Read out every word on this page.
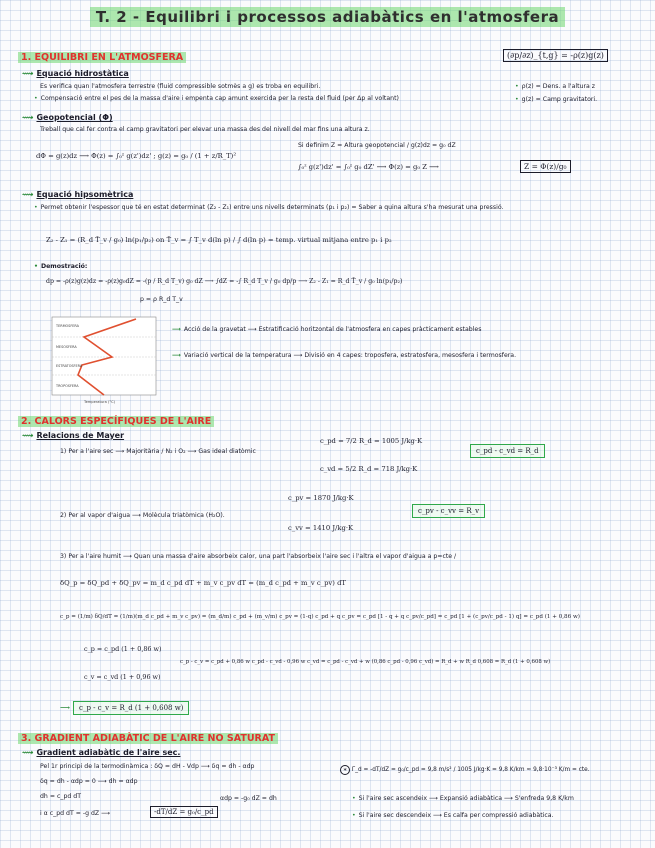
T. 2 - Equilibri i processos adiabàtics en l'atmosfera
1. EQUILIBRI EN L'ATMOSFERA	(∂p/∂z)_{t,g} = -ρ(z)g(z)
⟿ Equació hidrostàtica
Es verifica quan l'atmosfera terrestre (fluid compressible sotmès a g) es troba en equilibri.
• Compensació entre el pes de la massa d'aire i empenta cap amunt exercida per la resta del fluid (per Δp al voltant)
• ρ(z) = Dens. a l'altura z
• g(z) = Camp gravitatori.
⟿ Geopotencial (Φ)
Treball que cal fer contra el camp gravitatori per elevar una massa des del nivell del mar fins una altura z.
dΦ = g(z)dz ⟶ Φ(z) = ∫₀ᶻ g(z')dz' ; g(z) = g₀ / (1 + z/R_T)²
Si definim Z = Altura geopotencial / g(z)dz = g₀ dZ
∫₀ᶻ g(z')dz' = ∫₀ᶻ g₀ dZ' ⟶ Φ(z) = g₀ Z ⟶	Z = Φ(z)/g₀
⟿ Equació hipsomètrica
• Permet obtenir l'espessor que té en estat determinat (Z₂ - Z₁) entre uns nivells determinats (p₁ i p₂) = Saber a quina altura s'ha mesurat una pressió.
Z₂ - Z₁ = (R_d T̄_v / g₀) ln(p₁/p₂) on T̄_v = ∫ T_v d(ln p) / ∫ d(ln p) = temp. virtual mitjana entre p₁ i p₂
• Demostració:
dp = -ρ(z)g(z)dz = -ρ(z)g₀dZ = -(p / R_d T_v) g₀ dZ ⟶ ∫dZ = -∫ R_d T_v / g₀ dp/p ⟶ Z₂ - Z₁ = R_d T̄_v / g₀ ln(p₁/p₂)
p = ρ R_d T_v
TERMOSFERA
MESOSFERA
ESTRATOSFERA
TROPOSFERA
Temperatura (°C)
⟶ Acció de la gravetat ⟶ Estratificació horitzontal de l'atmosfera en capes pràcticament estables
⟶ Variació vertical de la temperatura ⟶ Divisió en 4 capes: troposfera, estratosfera, mesosfera i termosfera.
2. CALORS ESPECÍFIQUES DE L'AIRE
⟿ Relacions de Mayer
1) Per a l'aire sec ⟶ Majoritària / N₂ i O₂ ⟶ Gas ideal diatòmic
c_pd = 7/2 R_d = 1005 J/kg·K
c_vd = 5/2 R_d = 718 J/kg·K
c_pd - c_vd = R_d
2) Per al vapor d'aigua ⟶ Molècula triatòmica (H₂O).
c_pv = 1870 J/kg·K
c_vv = 1410 J/kg·K
c_pv - c_vv = R_v
3) Per a l'aire humit ⟶ Quan una massa d'aire absorbeix calor, una part l'absorbeix l'aire sec i l'altra el vapor d'aigua a p=cte /
δQ_p = δQ_pd + δQ_pv = m_d c_pd dT + m_v c_pv dT = (m_d c_pd + m_v c_pv) dT
c_p = (1/m) δQ/dT = (1/m)(m_d c_pd + m_v c_pv) = (m_d/m) c_pd + (m_v/m) c_pv = (1-q) c_pd + q c_pv = c_pd [1 - q + q c_pv/c_pd] = c_pd [1 + (c_pv/c_pd - 1) q] = c_pd (1 + 0,86 w)
c_p = c_pd (1 + 0,86 w)
c_v = c_vd (1 + 0,96 w)
c_p - c_v = c_pd + 0,86 w c_pd - c_vd - 0,96 w c_vd = c_pd - c_vd + w (0,86 c_pd - 0,96 c_vd) = R_d + w R_d 0,608 = R_d (1 + 0,608 w)
⟶ c_p - c_v = R_d (1 + 0,608 w)
3. GRADIENT ADIABÀTIC DE L'AIRE NO SATURAT
⟿ Gradient adiabàtic de l'aire sec.
Pel 1r principi de la termodinàmica : δQ = dH - Vdp ⟶ δq = dh - αdp
δq = dh - αdp = 0 ⟶ dh = αdp
dh = c_pd dT
i α c_pd dT = -g dZ ⟶	-dT/dZ = g₀/c_pd
αdp = -g₀ dZ = dh
∗ Γ_d = -dT/dZ = g₀/c_pd = 9,8 m/s² / 1005 J/kg·K = 9,8 K/km ≈ 9,8·10⁻³ K/m = cte.
• Si l'aire sec ascendeix ⟶ Expansió adiabàtica ⟶ S'enfreda 9,8 K/km
• Si l'aire sec descendeix ⟶ Es calfa per compressió adiabàtica.
